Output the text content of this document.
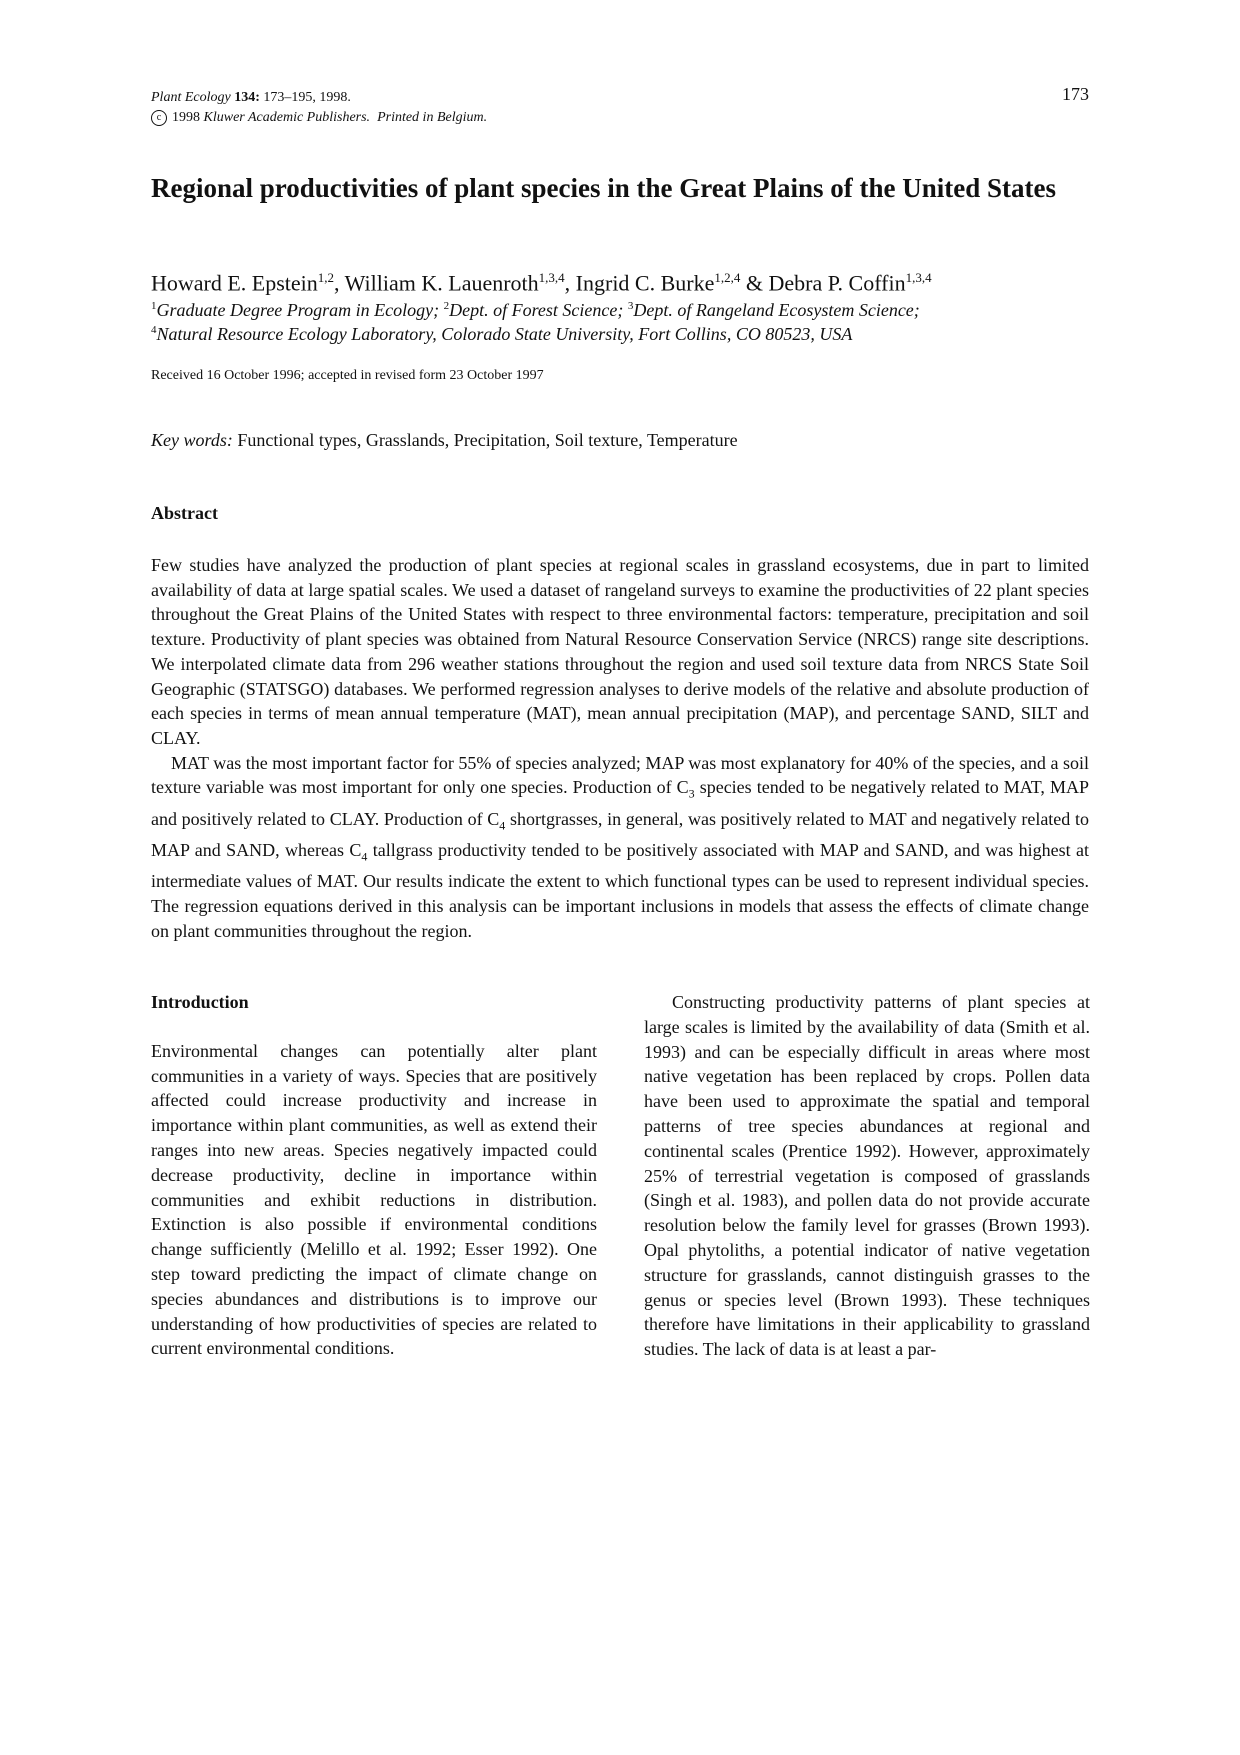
Plant Ecology 134: 173–195, 1998.
c 1998
Kluwer Academic Publishers.
Printed in Belgium.
173
Regional productivities of plant species in the Great Plains of the United States
Howard E. Epstein$^{1,2}$, William K. Lauenroth$^{1,3,4}$, Ingrid C. Burke$^{1,2,4}$ & Debra P. Coffin$^{1,3,4}$
$^1$Graduate Degree Program in Ecology; $^2$Dept. of Forest Science; $^3$Dept. of Rangeland Ecosystem Science;
$^4$Natural Resource Ecology Laboratory, Colorado State University, Fort Collins, CO 80523, USA
Received 16 October 1996; accepted in revised form 23 October 1997
Key words: Functional types, Grasslands, Precipitation, Soil texture, Temperature
Abstract

Few studies have analyzed the production of plant species at regional scales in grassland ecosystems, due in part to limited availability of data at large spatial scales. We used a dataset of rangeland surveys to examine the productivities of 22 plant species throughout the Great Plains of the United States with respect to three environmental factors: temperature, precipitation and soil texture. Productivity of plant species was obtained from Natural Resource Conservation Service (NRCS) range site descriptions. We interpolated climate data from 296 weather stations throughout the region and used soil texture data from NRCS State Soil Geographic (STATSGO) databases. We performed regression analyses to derive models of the relative and absolute production of each species in terms of mean annual temperature (MAT), mean annual precipitation (MAP), and percentage SAND, SILT and CLAY.

MAT was the most important factor for 55% of species analyzed; MAP was most explanatory for 40% of the species, and a soil texture variable was most important for only one species. Production of $C_3$ species tended to be negatively related to MAT, MAP and positively related to CLAY. Production of $C_4$ shortgrasses, in general, was positively related to MAT and negatively related to MAP and SAND, whereas $C_4$ tallgrass productivity tended to be positively associated with MAP and SAND, and was highest at intermediate values of MAT. Our results indicate the extent to which functional types can be used to represent individual species. The regression equations derived in this analysis can be important inclusions in models that assess the effects of climate change on plant communities throughout the region.

Introduction

Environmental changes can potentially alter plant communities in a variety of ways. Species that are positively affected could increase productivity and increase in importance within plant communities, as well as extend their ranges into new areas. Species negatively impacted could decrease productivity, decline in importance within communities and exhibit reductions in distribution. Extinction is also possible if environmental conditions change sufficiently (Melillo et al. 1992; Esser 1992). One step toward predicting the impact of climate change on species abundances and distributions is to improve our understanding of how productivities of species are related to current environmental conditions.

Constructing productivity patterns of plant species at large scales is limited by the availability of data (Smith et al. 1993) and can be especially difficult in areas where most native vegetation has been replaced by crops. Pollen data have been used to approximate the spatial and temporal patterns of tree species abundances at regional and continental scales (Prentice 1992). However, approximately 25% of terrestrial vegetation is composed of grasslands (Singh et al. 1983), and pollen data do not provide accurate resolution below the family level for grasses (Brown 1993). Opal phytoliths, a potential indicator of native vegetation structure for grasslands, cannot distinguish grasses to the genus or species level (Brown 1993). These techniques therefore have limitations in their applicability to grassland studies. The lack of data is at least a par-
